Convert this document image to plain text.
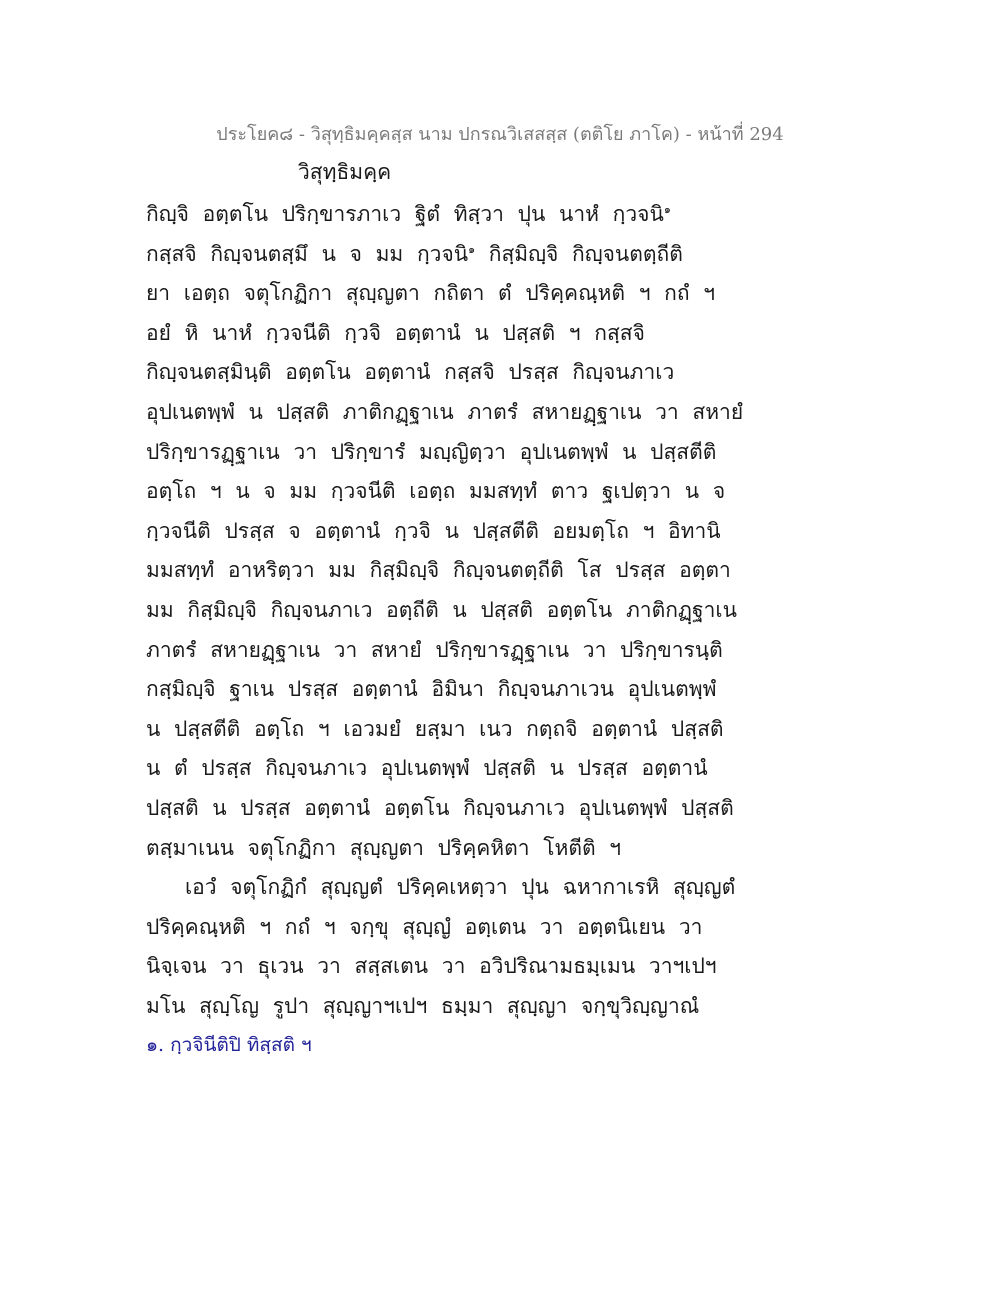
ประโยค๘ - วิสุทฺธิมคฺคสฺส นาม ปกรณวิเสสสฺส (ตติโย ภาโค) - หน้าที่ 294
วิสุทฺธิมคฺค
กิญฺจิ อตฺตโน ปริกฺขารภาเว ฐิตํ ทิสฺวา ปุน นาหํ กฺวจนิ$^๑$
กสฺสจิ กิญฺจนตสฺมึ น จ มม กฺวจนิ$^๑$ กิสฺมิญฺจิ กิญฺจนตตฺถีติ
ยา เอตฺถ จตุโกฏิกา สุญฺญตา กถิตา ตํ ปริคฺคณฺหติ ฯ กถํ ฯ
อยํ หิ นาหํ กฺวจนีติ กฺวจิ อตฺตานํ น ปสฺสติ ฯ กสฺสจิ
กิญฺจนตสฺมินฺติ อตฺตโน อตฺตานํ กสฺสจิ ปรสฺส กิญฺจนภาเว
อุปเนตพฺพํ น ปสฺสติ ภาติกฏฺฐาเน ภาตรํ สหายฏฺฐาเน วา สหายํ
ปริกฺขารฏฺฐาเน วา ปริกฺขารํ มญฺญิตฺวา อุปเนตพฺพํ น ปสฺสตีติ
อตฺโถ ฯ น จ มม กฺวจนีติ เอตฺถ มมสทฺทํ ตาว ฐเปตฺวา น จ
กฺวจนีติ ปรสฺส จ อตฺตานํ กฺวจิ น ปสฺสตีติ อยมตฺโถ ฯ อิทานิ
มมสทฺทํ อาหริตฺวา มม กิสฺมิญฺจิ กิญฺจนตตฺถีติ โส ปรสฺส อตฺตา
มม กิสฺมิญฺจิ กิญฺจนภาเว อตฺถีติ น ปสฺสติ อตฺตโน ภาติกฏฺฐาเน
ภาตรํ สหายฏฺฐาเน วา สหายํ ปริกฺขารฏฺฐาเน วา ปริกฺขารนฺติ
กสฺมิญฺจิ ฐาเน ปรสฺส อตฺตานํ อิมินา กิญฺจนภาเวน อุปเนตพฺพํ
น ปสฺสตีติ อตฺโถ ฯ เอวมยํ ยสฺมา เนว กตฺถจิ อตฺตานํ ปสฺสติ
น ตํ ปรสฺส กิญฺจนภาเว อุปเนตพฺพํ ปสฺสติ น ปรสฺส อตฺตานํ
ปสฺสติ น ปรสฺส อตฺตานํ อตฺตโน กิญฺจนภาเว อุปเนตพฺพํ ปสฺสติ
ตสฺมาเนน จตุโกฏิกา สุญฺญตา ปริคฺคหิตา โหตีติ ฯ
เอวํ จตุโกฏิกํ สุญฺญตํ ปริคฺคเหตฺวา ปุน ฉหากาเรหิ สุญฺญตํ
ปริคฺคณฺหติ ฯ กถํ ฯ จกฺขุ สุญฺญํ อตฺเตน วา อตฺตนิเยน วา
นิจฺเจน วา ธุเวน วา สสฺสเตน วา อวิปริณามธมฺเมน วาฯเปฯ
มโน สุญฺโญ รูปา สุญฺญาฯเปฯ ธมฺมา สุญฺญา จกฺขุวิญฺญาณํ
๑. กฺวจินีติปิ ทิสฺสติ ฯ
